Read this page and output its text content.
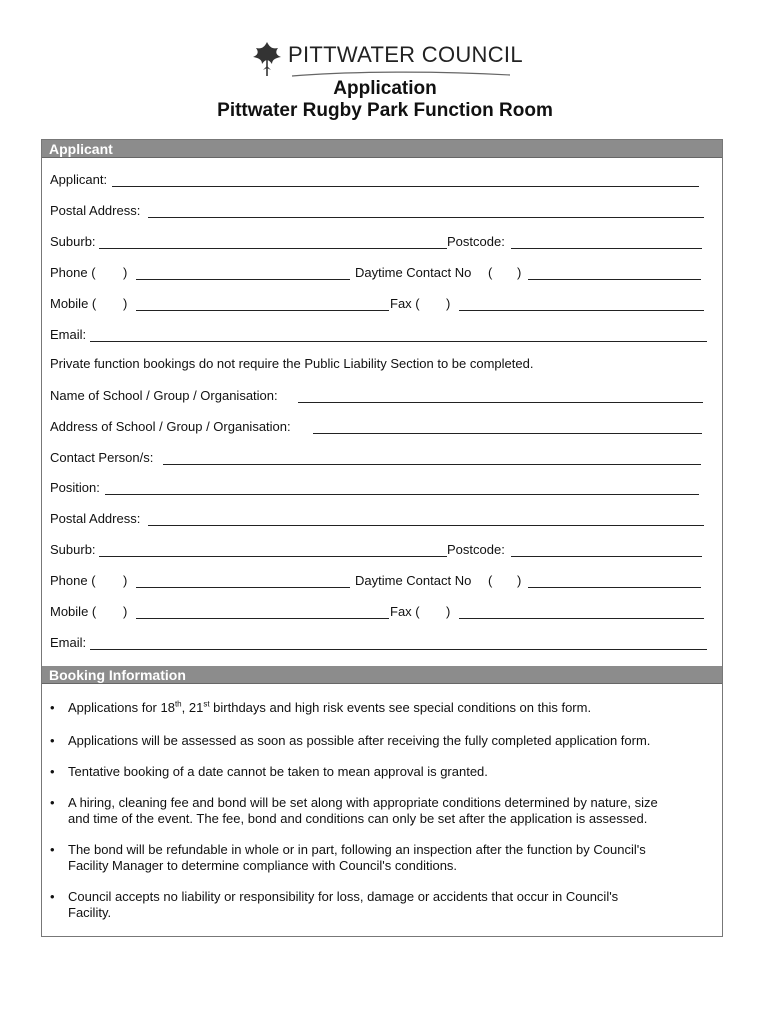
PITTWATER COUNCIL
Application
Pittwater Rugby Park Function Room
Applicant
Applicant:
Postal Address:
Suburb:	Postcode:
Phone ( )	Daytime Contact No ( )
Mobile ( )	Fax ( )
Email:
Private function bookings do not require the Public Liability Section to be completed.
Name of School / Group / Organisation:
Address of School / Group / Organisation:
Contact Person/s:
Position:
Postal Address:
Suburb:	Postcode:
Phone ( )	Daytime Contact No ( )
Mobile ( )	Fax ( )
Email:
Booking Information
• Applications for 18th, 21st birthdays and high risk events see special conditions on this form.
• Applications will be assessed as soon as possible after receiving the fully completed application form.
• Tentative booking of a date cannot be taken to mean approval is granted.
• A hiring, cleaning fee and bond will be set along with appropriate conditions determined by nature, size
and time of the event. The fee, bond and conditions can only be set after the application is assessed.
• The bond will be refundable in whole or in part, following an inspection after the function by Council's
Facility Manager to determine compliance with Council's conditions.
• Council accepts no liability or responsibility for loss, damage or accidents that occur in Council's
Facility.
